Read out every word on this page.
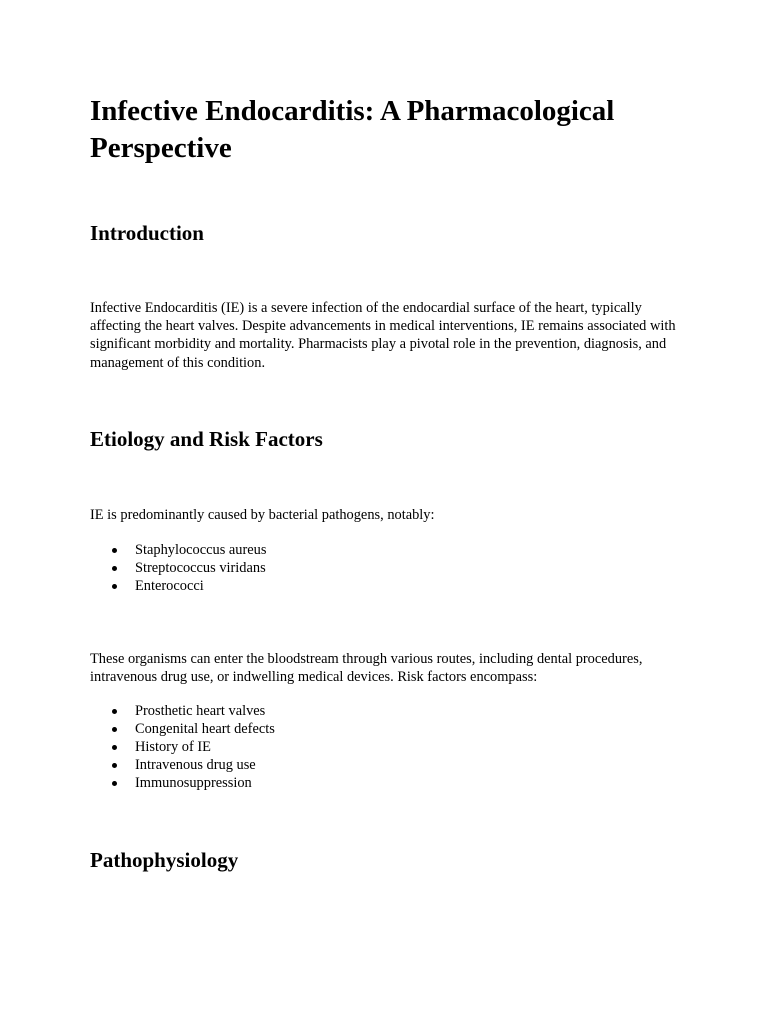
Infective Endocarditis: A Pharmacological Perspective
Introduction

Infective Endocarditis (IE) is a severe infection of the endocardial surface of the heart, typically affecting the heart valves. Despite advancements in medical interventions, IE remains associated with significant morbidity and mortality. Pharmacists play a pivotal role in the prevention, diagnosis, and management of this condition.

Etiology and Risk Factors

IE is predominantly caused by bacterial pathogens, notably:

Staphylococcus aureus
Streptococcus viridans
Enterococci

These organisms can enter the bloodstream through various routes, including dental procedures, intravenous drug use, or indwelling medical devices. Risk factors encompass:

Prosthetic heart valves
Congenital heart defects
History of IE
Intravenous drug use
Immunosuppression
Pathophysiology
